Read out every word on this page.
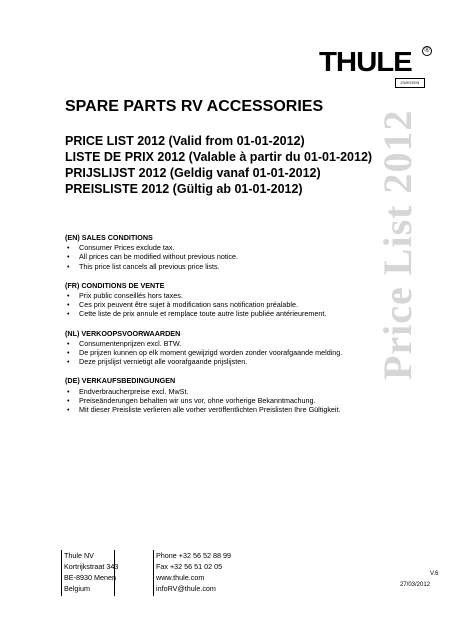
THULE	®
ZWEDEN
SPARE PARTS RV ACCESSORIES
PRICE LIST 2012 (Valid from 01-01-2012)
LISTE DE PRIX 2012 (Valable à partir du 01-01-2012)
PRIJSLIJST 2012 (Geldig vanaf 01-01-2012)
PREISLISTE 2012 (Gültig ab 01-01-2012)	Price List 2012
(EN) SALES CONDITIONS
•	Consumer Prices exclude tax.
•	All prices can be modified without previous notice.
•	This price list cancels all previous price lists.
(FR) CONDITIONS DE VENTE
•	Prix public conseillés hors taxes.
•	Ces prix peuvent être sujet à modification sans notification préalable.
•	Cette liste de prix annule et remplace toute autre liste publiée antérieurement.
(NL) VERKOOPSVOORWAARDEN
•	Consumentenprijzen excl. BTW.
•	De prijzen kunnen op elk moment gewijzigd worden zonder voorafgaande melding.
•	Deze prijslijst vernietigt alle voorafgaande prijslijsten.
(DE) VERKAUFSBEDINGUNGEN
•	Endverbraucherpreise excl. MwSt.
•	Preiseänderungen behalten wir uns vor, ohne vorherige Bekanntmachung.
•	Mit dieser Preisliste verlieren alle vorher veröffentlichten Preislisten Ihre Gültigkeit.
Thule NV
Kortrijkstraat 343
BE-8930 Menen
Belgium
Phone +32 56 52 88 99
Fax +32 56 51 02 05
www.thule.com
infoRV@thule.com
V.6
27/03/2012
